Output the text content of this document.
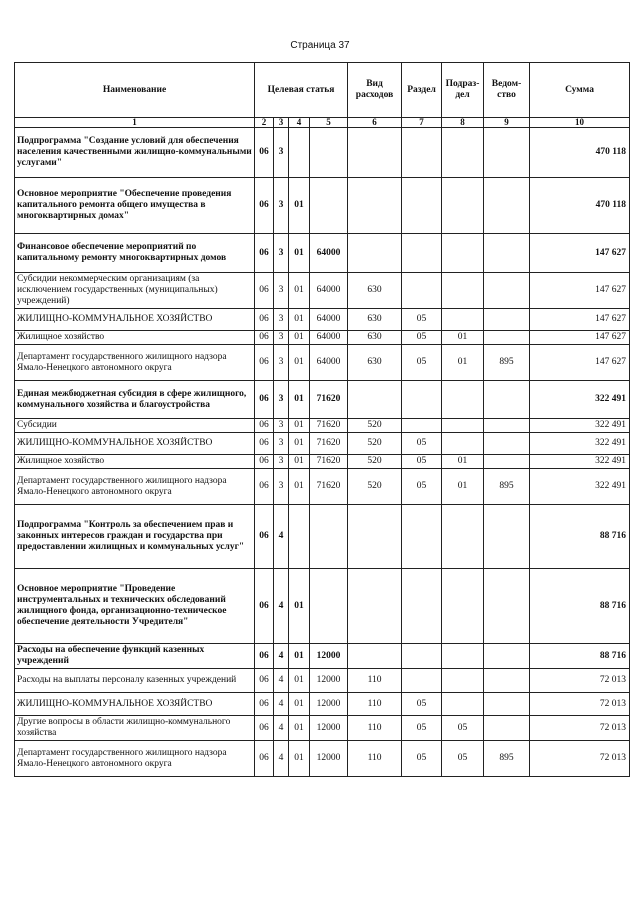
Страница 37
Наименование	Целевая статья				Вид расходов	Раздел	Подраз-дел	Ведом-ство	Сумма
1	2	3	4	5	6	7	8	9	10
Подпрограмма "Создание условий для обеспечения населения качественными жилищно-коммунальными услугами"	06	3							470 118
Основное мероприятие "Обеспечение проведения капитального ремонта общего имущества в многоквартирных домах"	06	3	01						470 118
Финансовое обеспечение мероприятий по капитальному ремонту многоквартирных домов	06	3	01	64000					147 627
Субсидии некоммерческим организациям (за исключением государственных (муниципальных) учреждений)	06	3	01	64000	630				147 627
ЖИЛИЩНО-КОММУНАЛЬНОЕ ХОЗЯЙСТВО	06	3	01	64000	630	05			147 627
Жилищное хозяйство	06	3	01	64000	630	05	01		147 627
Департамент государственного жилищного надзора Ямало-Ненецкого автономного округа	06	3	01	64000	630	05	01	895	147 627
Единая межбюджетная субсидия в сфере жилищного, коммунального хозяйства и благоустройства	06	3	01	71620					322 491
Субсидии	06	3	01	71620	520				322 491
ЖИЛИЩНО-КОММУНАЛЬНОЕ ХОЗЯЙСТВО	06	3	01	71620	520	05			322 491
Жилищное хозяйство	06	3	01	71620	520	05	01		322 491
Департамент государственного жилищного надзора Ямало-Ненецкого автономного округа	06	3	01	71620	520	05	01	895	322 491
Подпрограмма "Контроль за обеспечением прав и законных интересов граждан и государства при предоставлении жилищных и коммунальных услуг"	06	4							88 716
Основное мероприятие "Проведение инструментальных и технических обследований жилищного фонда, организационно-техническое обеспечение деятельности Учредителя"	06	4	01						88 716
Расходы на обеспечение функций казенных учреждений	06	4	01	12000					88 716
Расходы на выплаты персоналу казенных учреждений	06	4	01	12000	110				72 013
ЖИЛИЩНО-КОММУНАЛЬНОЕ ХОЗЯЙСТВО	06	4	01	12000	110	05			72 013
Другие вопросы в области жилищно-коммунального хозяйства	06	4	01	12000	110	05	05		72 013
Департамент государственного жилищного надзора Ямало-Ненецкого автономного округа	06	4	01	12000	110	05	05	895	72 013
